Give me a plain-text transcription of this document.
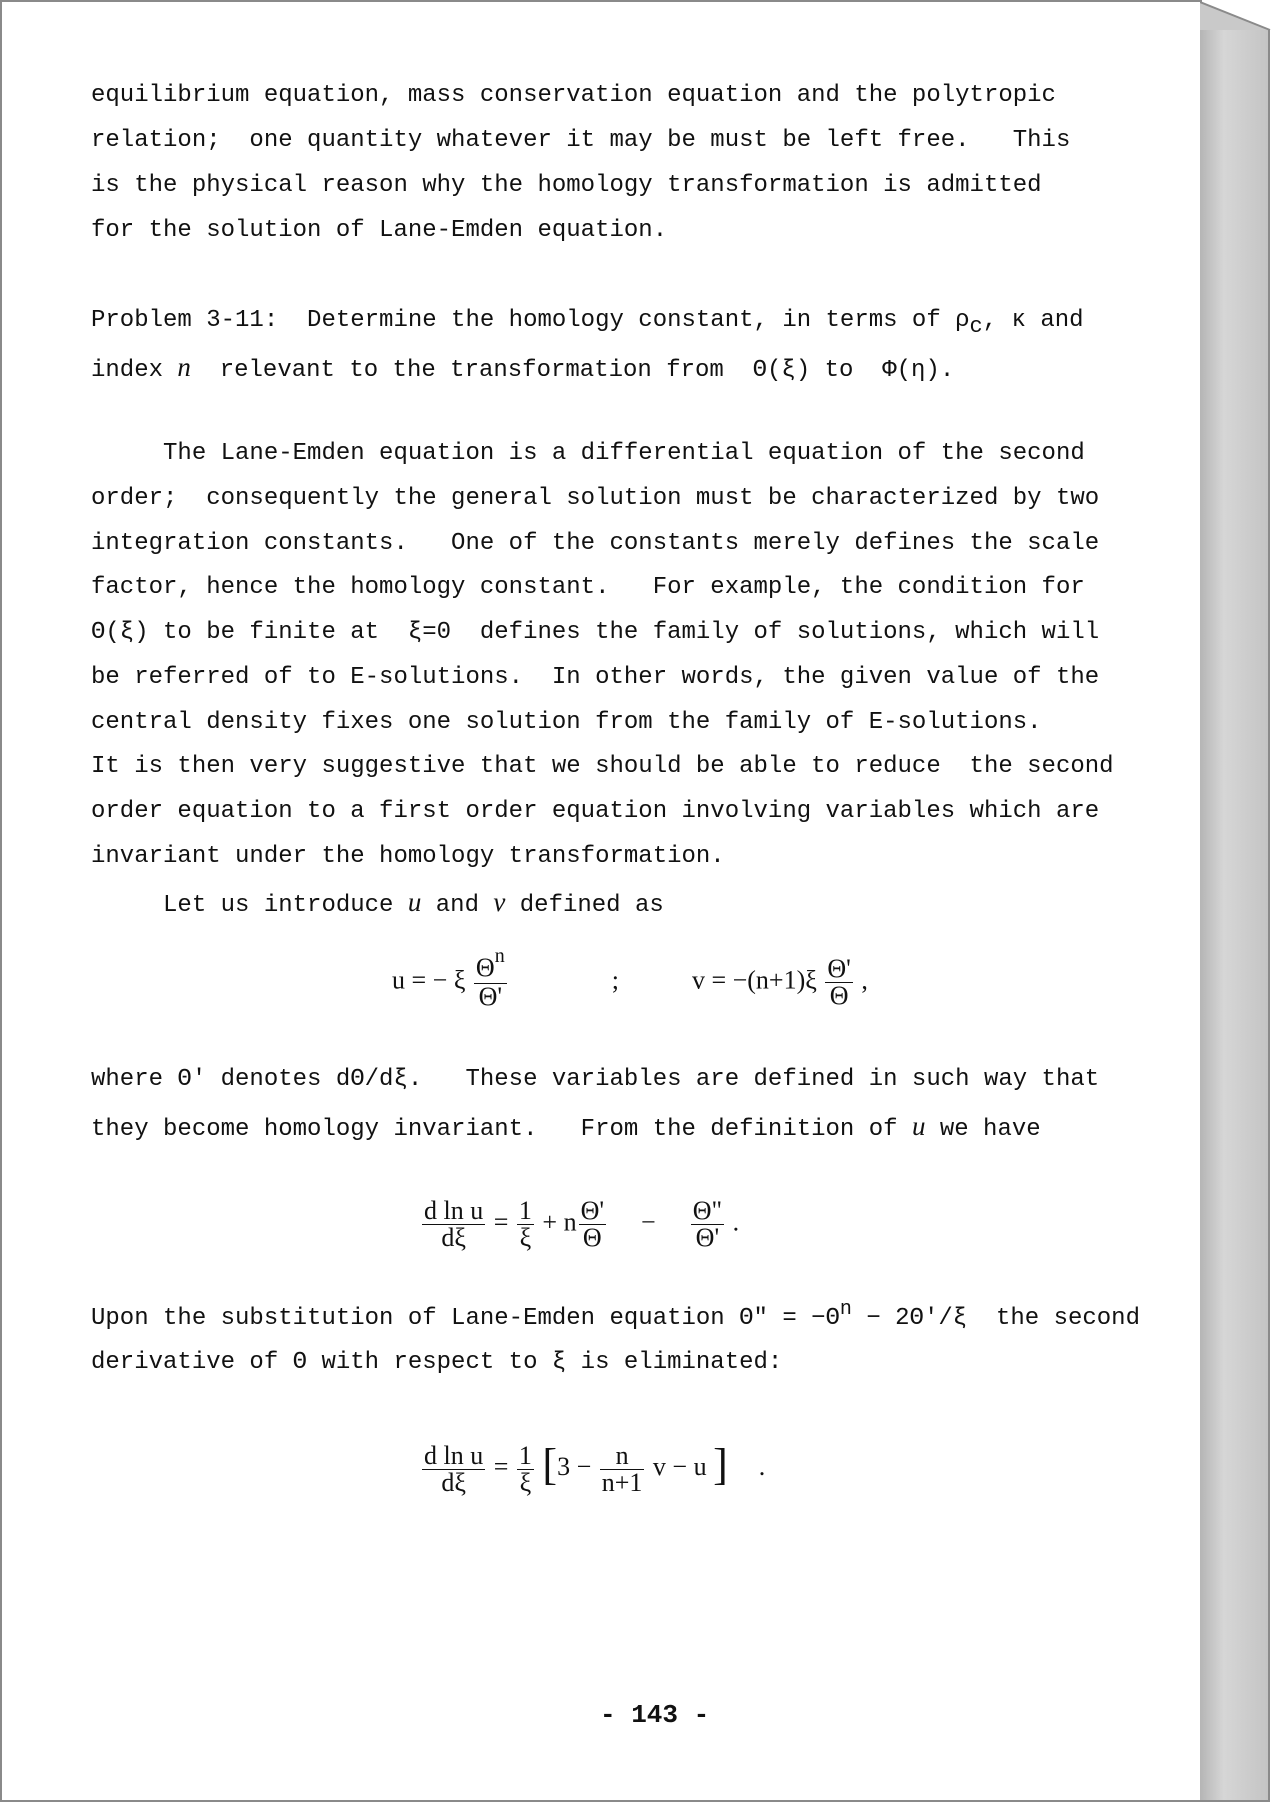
equilibrium equation, mass conservation equation and the polytropic
relation;  one quantity whatever it may be must be left free.   This
is the physical reason why the homology transformation is admitted
for the solution of Lane-Emden equation.
Problem 3-11:  Determine the homology constant, in terms of $\rho_c$, κ and
index n  relevant to the transformation from  Θ(ξ) to  Φ(η).
The Lane-Emden equation is a differential equation of the second
order;  consequently the general solution must be characterized by two
integration constants.   One of the constants merely defines the scale
factor, hence the homology constant.   For example, the condition for
Θ(ξ) to be finite at  ξ=0  defines the family of solutions, which will
be referred of to E-solutions.  In other words, the given value of the
central density fixes one solution from the family of E-solutions.
It is then very suggestive that we should be able to reduce  the second
order equation to a first order equation involving variables which are
invariant under the homology transformation.
Let us introduce u and v defined as
u = − ξ $\frac{\Theta^n}{\Theta'}$	;	$v = -(n+1)\xi \frac{\Theta'}{\Theta}$ ,
where Θ' denotes dΘ/dξ.   These variables are defined in such way that
they become homology invariant.   From the definition of u we have
$\frac{\text{d ln u}}{d\xi} = \frac{1}{\xi} + n \frac{\Theta'}{\Theta} - \frac{\Theta"}{\Theta'}$ .
Upon the substitution of Lane-Emden equation Θ" = $-\Theta^n - 2\Theta'/\xi$  the second
derivative of Θ with respect to ξ is eliminated:
$\frac{\text{d ln u}}{d\xi} = \frac{1}{\xi} [3 - \frac{n}{n+1}$ v − u ] .
- 143 -
